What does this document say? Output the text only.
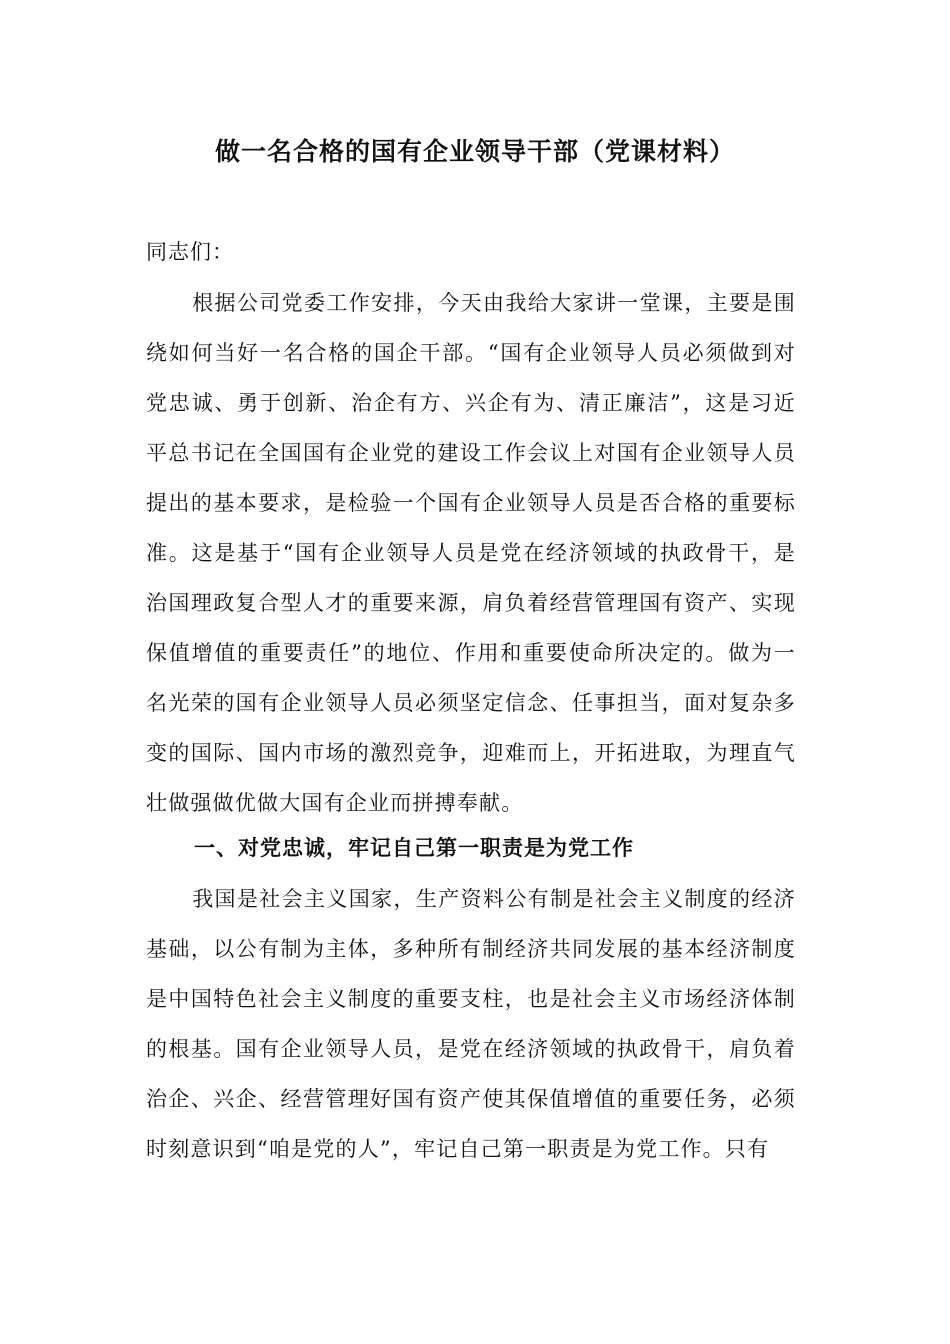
做一名合格的国有企业领导干部（党课材料）
同志们：

根据公司党委工作安排，今天由我给大家讲一堂课，主要是围绕如何当好一名合格的国企干部。“国有企业领导人员必须做到对党忠诚、勇于创新、治企有方、兴企有为、清正廉洁”，这是习近平总书记在全国国有企业党的建设工作会议上对国有企业领导人员提出的基本要求，是检验一个国有企业领导人员是否合格的重要标准。这是基于“国有企业领导人员是党在经济领域的执政骨干，是治国理政复合型人才的重要来源，肩负着经营管理国有资产、实现保值增值的重要责任”的地位、作用和重要使命所决定的。做为一名光荣的国有企业领导人员必须坚定信念、任事担当，面对复杂多变的国际、国内市场的激烈竞争，迎难而上，开拓进取，为理直气壮做强做优做大国有企业而拼搏奉献。

一、对党忠诚，牢记自己第一职责是为党工作

我国是社会主义国家，生产资料公有制是社会主义制度的经济基础，以公有制为主体，多种所有制经济共同发展的基本经济制度是中国特色社会主义制度的重要支柱，也是社会主义市场经济体制的根基。国有企业领导人员，是党在经济领域的执政骨干，肩负着治企、兴企、经营管理好国有资产使其保值增值的重要任务，必须时刻意识到“咱是党的人”，牢记自己第一职责是为党工作。只有
